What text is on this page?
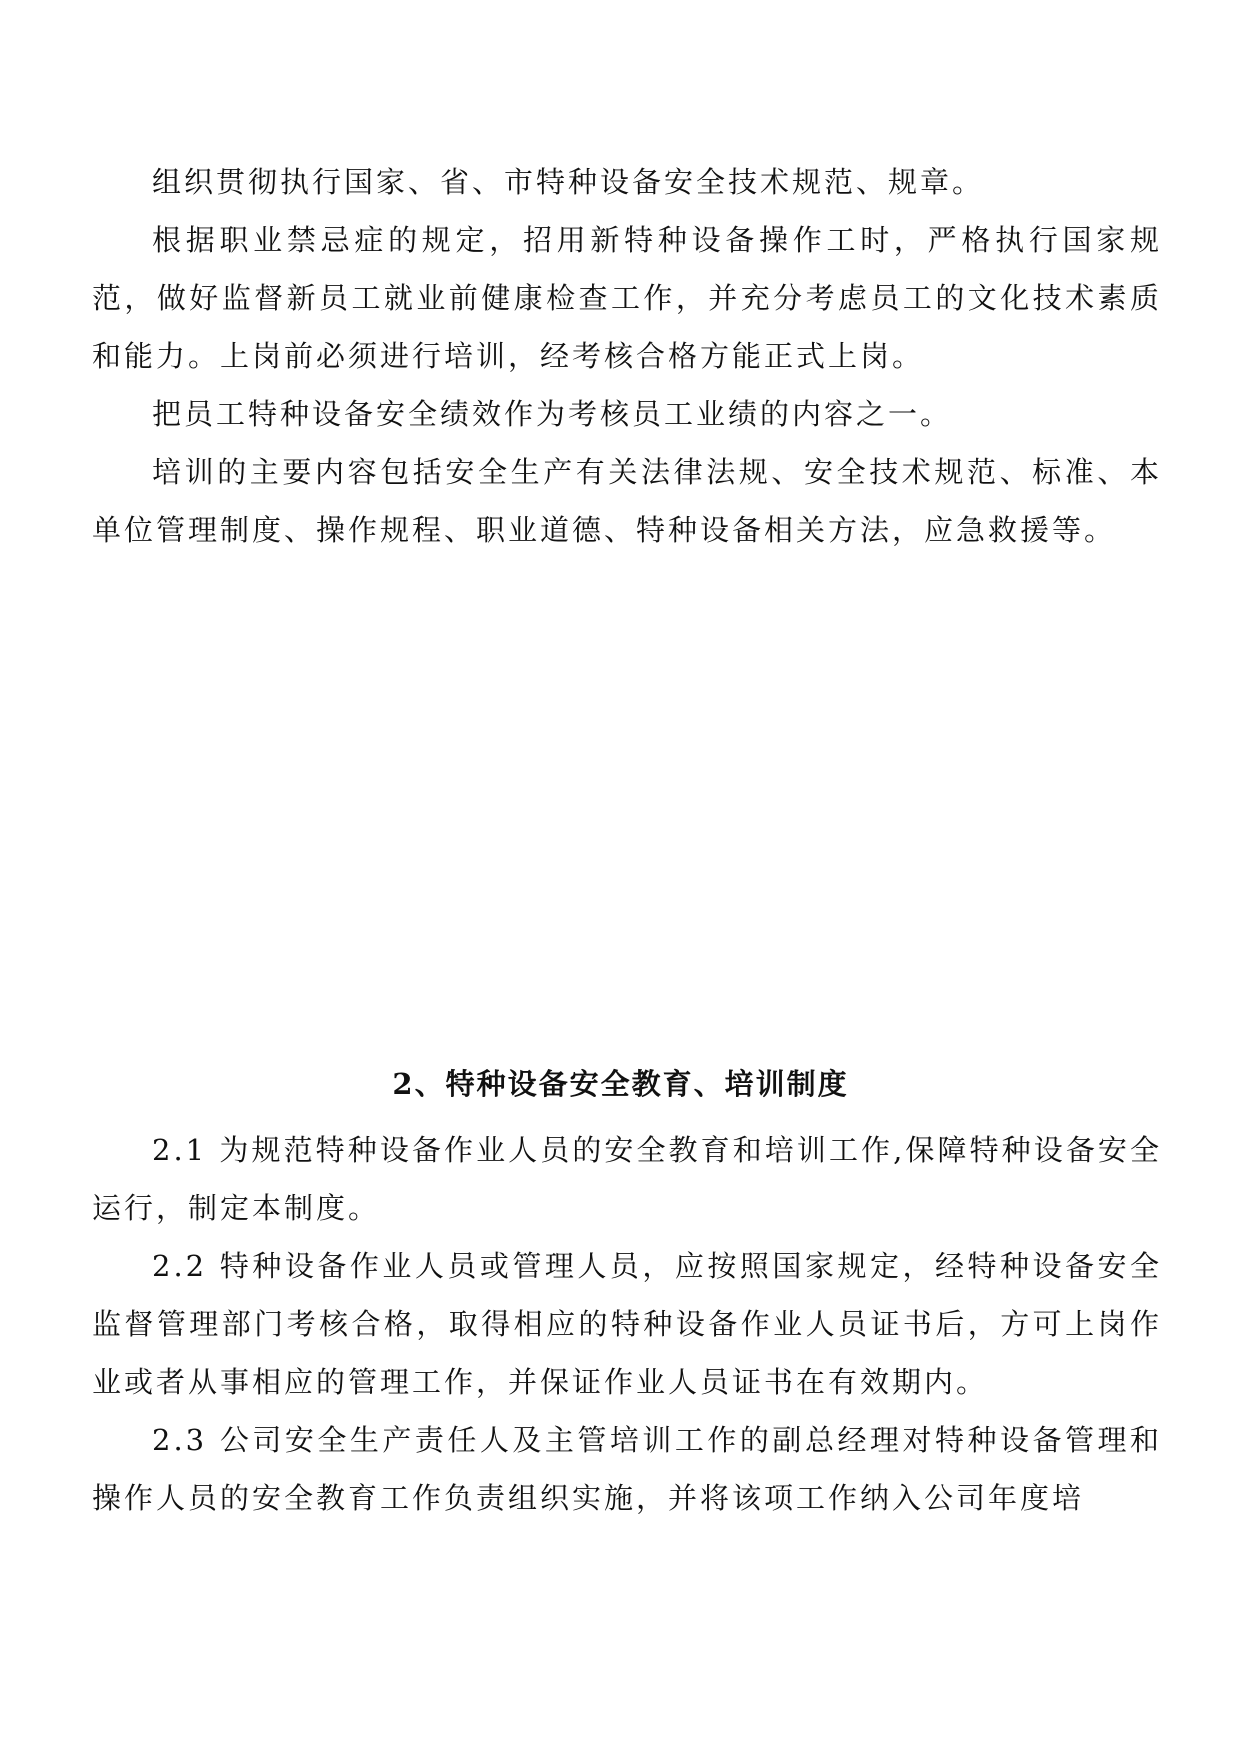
组织贯彻执行国家、省、市特种设备安全技术规范、规章。

根据职业禁忌症的规定，招用新特种设备操作工时，严格执行国家规范，做好监督新员工就业前健康检查工作，并充分考虑员工的文化技术素质和能力。上岗前必须进行培训，经考核合格方能正式上岗。

把员工特种设备安全绩效作为考核员工业绩的内容之一。

培训的主要内容包括安全生产有关法律法规、安全技术规范、标准、本单位管理制度、操作规程、职业道德、特种设备相关方法，应急救援等。

2、特种设备安全教育、培训制度

2.1 为规范特种设备作业人员的安全教育和培训工作,保障特种设备安全运行，制定本制度。

2.2 特种设备作业人员或管理人员，应按照国家规定，经特种设备安全监督管理部门考核合格，取得相应的特种设备作业人员证书后，方可上岗作业或者从事相应的管理工作，并保证作业人员证书在有效期内。

2.3 公司安全生产责任人及主管培训工作的副总经理对特种设备管理和操作人员的安全教育工作负责组织实施，并将该项工作纳入公司年度培
